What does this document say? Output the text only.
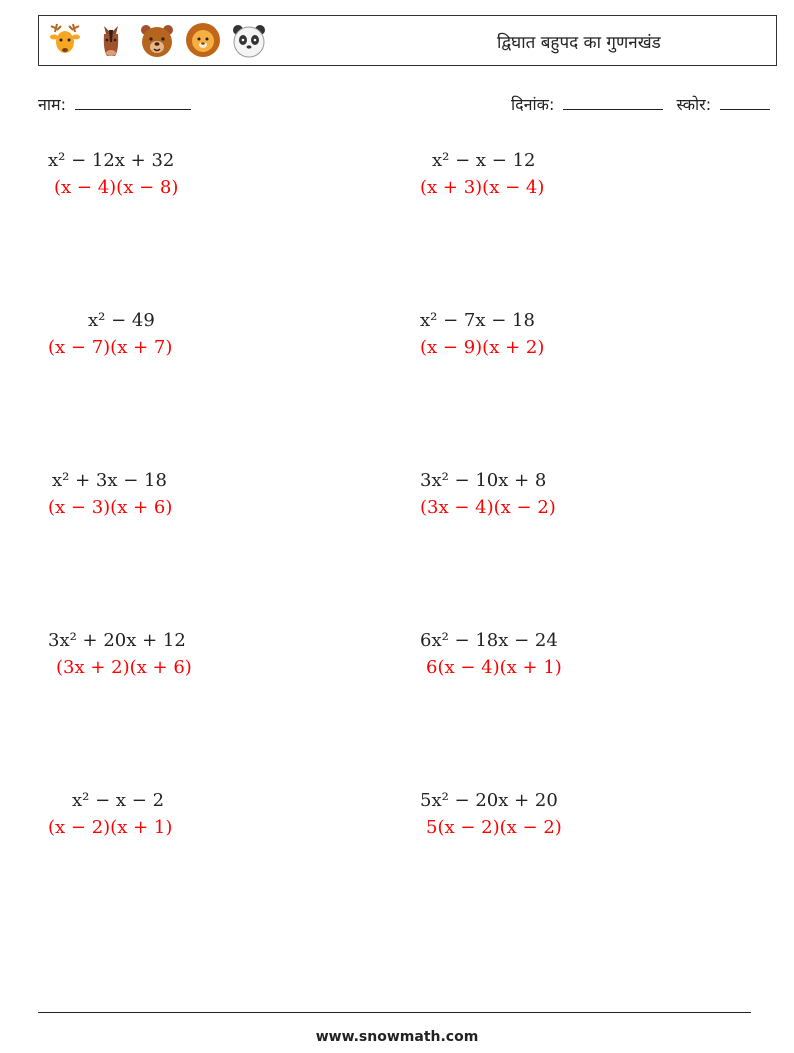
द्विघात बहुपद का गुणनखंड
नाम:	दिनांक:	स्कोर:
x² − 12x + 32
(x − 4)(x − 8)
x² − x − 12
(x + 3)(x − 4)
x² − 49
(x − 7)(x + 7)
x² − 7x − 18
(x − 9)(x + 2)
x² + 3x − 18
(x − 3)(x + 6)
3x² − 10x + 8
(3x − 4)(x − 2)
3x² + 20x + 12
(3x + 2)(x + 6)
6x² − 18x − 24
6(x − 4)(x + 1)
x² − x − 2
(x − 2)(x + 1)
5x² − 20x + 20
5(x − 2)(x − 2)
www.snowmath.com
